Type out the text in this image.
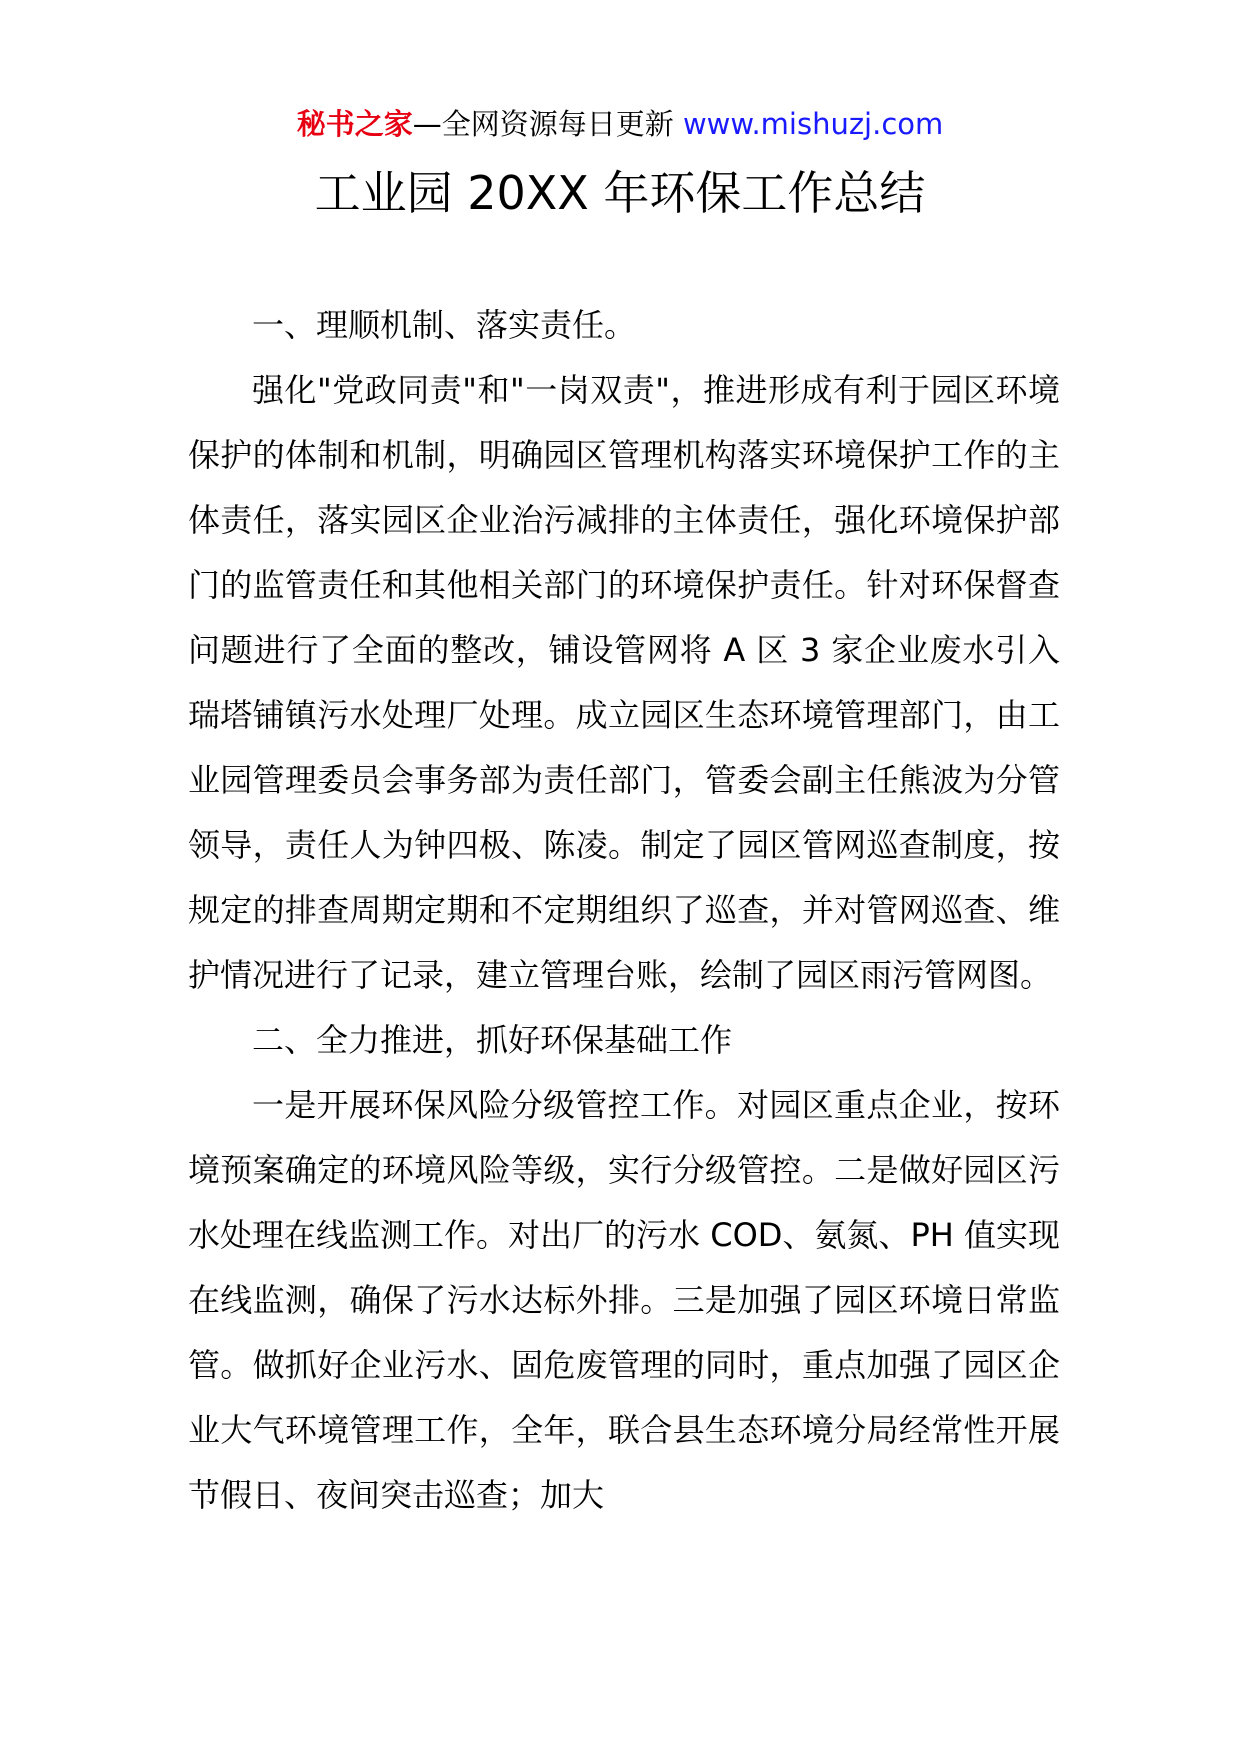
秘书之家—全网资源每日更新 www.mishuzj.com
工业园 20XX 年环保工作总结

一、理顺机制、落实责任。

强化"党政同责"和"一岗双责"，推进形成有利于园区环境保护的体制和机制，明确园区管理机构落实环境保护工作的主体责任，落实园区企业治污减排的主体责任，强化环境保护部门的监管责任和其他相关部门的环境保护责任。针对环保督查问题进行了全面的整改，铺设管网将 A 区 3 家企业废水引入瑞塔铺镇污水处理厂处理。成立园区生态环境管理部门，由工业园管理委员会事务部为责任部门，管委会副主任熊波为分管领导，责任人为钟四极、陈凌。制定了园区管网巡查制度，按规定的排查周期定期和不定期组织了巡查，并对管网巡查、维护情况进行了记录，建立管理台账，绘制了园区雨污管网图。

二、全力推进，抓好环保基础工作

一是开展环保风险分级管控工作。对园区重点企业，按环境预案确定的环境风险等级，实行分级管控。二是做好园区污水处理在线监测工作。对出厂的污水 COD、氨氮、PH 值实现在线监测，确保了污水达标外排。三是加强了园区环境日常监管。做抓好企业污水、固危废管理的同时，重点加强了园区企业大气环境管理工作，全年，联合县生态环境分局经常性开展节假日、夜间突击巡查；加大
